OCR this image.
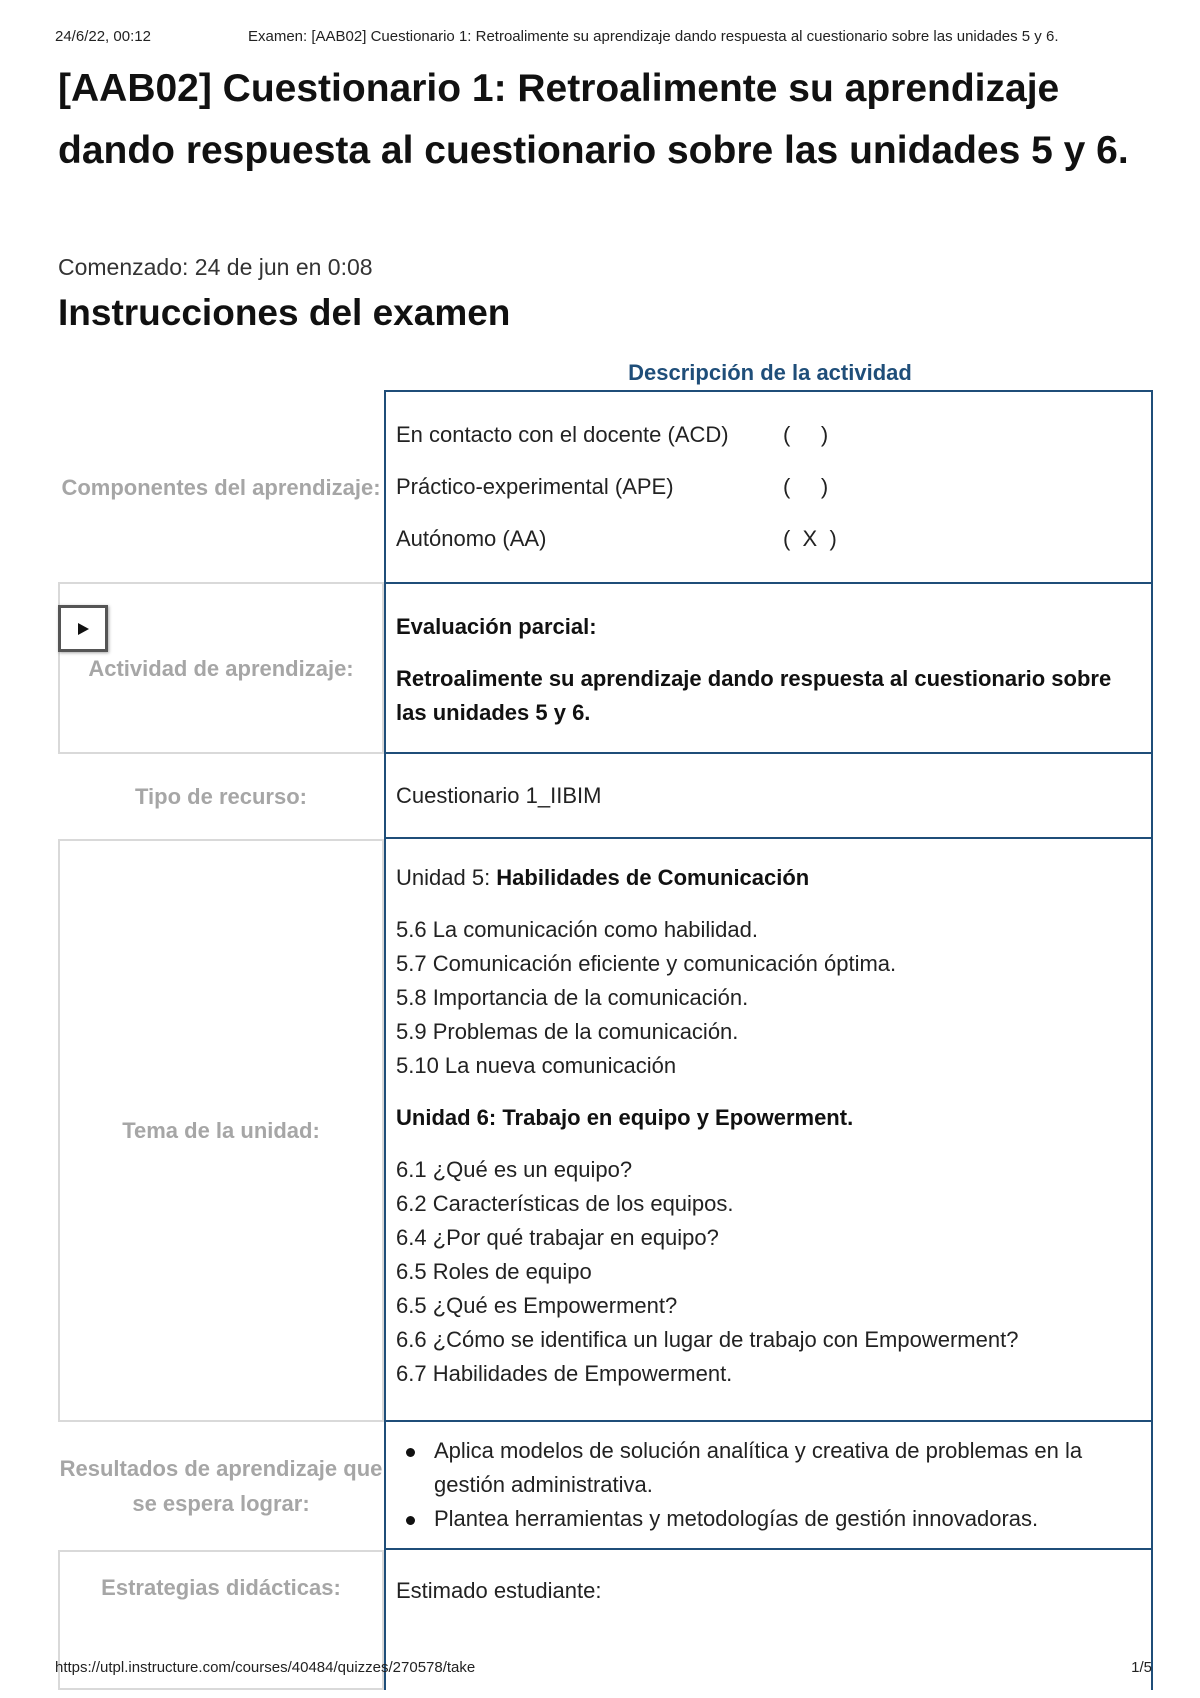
24/6/22, 00:12	Examen: [AAB02] Cuestionario 1: Retroalimente su aprendizaje dando respuesta al cuestionario sobre las unidades 5 y 6.
[AAB02] Cuestionario 1: Retroalimente su aprendizaje dando respuesta al cuestionario sobre las unidades 5 y 6.
Comenzado: 24 de jun en 0:08
Instrucciones del examen
Descripción de la actividad
Componentes del aprendizaje:
En contacto con el docente (ACD)	(     )
Práctico-experimental (APE)	(     )
Autónomo (AA)	(  X  )
Actividad de aprendizaje:
Evaluación parcial:
Retroalimente su aprendizaje dando respuesta al cuestionario sobre las unidades 5 y 6.
Tipo de recurso:	Cuestionario 1_IIBIM
Tema de la unidad:
Unidad 5: Habilidades de Comunicación
5.6 La comunicación como habilidad.
5.7 Comunicación eficiente y comunicación óptima.
5.8 Importancia de la comunicación.
5.9 Problemas de la comunicación.
5.10 La nueva comunicación
Unidad 6: Trabajo en equipo y Epowerment.
6.1 ¿Qué es un equipo?
6.2 Características de los equipos.
6.4 ¿Por qué trabajar en equipo?
6.5 Roles de equipo
6.5 ¿Qué es Empowerment?
6.6 ¿Cómo se identifica un lugar de trabajo con Empowerment?
6.7 Habilidades de Empowerment.
Resultados de aprendizaje que se espera lograr:
Aplica modelos de solución analítica y creativa de problemas en la gestión administrativa.
Plantea herramientas y metodologías de gestión innovadoras.
Estrategias didácticas:	Estimado estudiante:
https://utpl.instructure.com/courses/40484/quizzes/270578/take	1/5
